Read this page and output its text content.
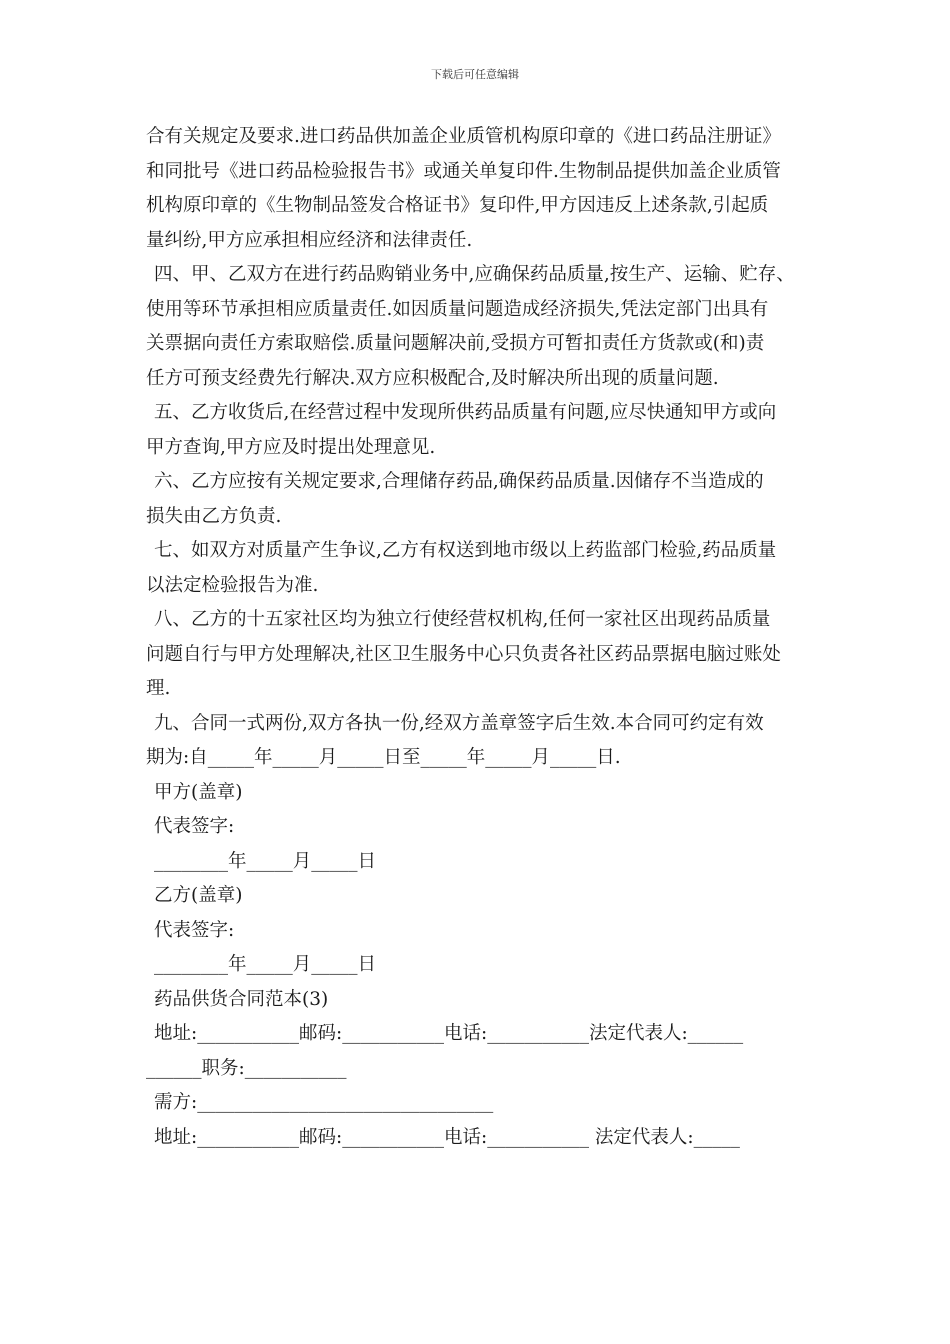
下载后可任意编辑
合有关规定及要求.进口药品供加盖企业质管机构原印章的《进口药品注册证》
和同批号《进口药品检验报告书》或通关单复印件.生物制品提供加盖企业质管
机构原印章的《生物制品签发合格证书》复印件,甲方因违反上述条款,引起质
量纠纷,甲方应承担相应经济和法律责任.
四、甲、乙双方在进行药品购销业务中,应确保药品质量,按生产、运输、贮存、
使用等环节承担相应质量责任.如因质量问题造成经济损失,凭法定部门出具有
关票据向责任方索取赔偿.质量问题解决前,受损方可暂扣责任方货款或(和)责
任方可预支经费先行解决.双方应积极配合,及时解决所出现的质量问题.
五、乙方收货后,在经营过程中发现所供药品质量有问题,应尽快通知甲方或向
甲方查询,甲方应及时提出处理意见.
六、乙方应按有关规定要求,合理储存药品,确保药品质量.因储存不当造成的
损失由乙方负责.
七、如双方对质量产生争议,乙方有权送到地市级以上药监部门检验,药品质量
以法定检验报告为准.
八、乙方的十五家社区均为独立行使经营权机构,任何一家社区出现药品质量
问题自行与甲方处理解决,社区卫生服务中心只负责各社区药品票据电脑过账处
理.
九、合同一式两份,双方各执一份,经双方盖章签字后生效.本合同可约定有效
期为:自_____年_____月_____日至_____年_____月_____日.
甲方(盖章)
代表签字:
________年_____月_____日
乙方(盖章)
代表签字:
________年_____月_____日
药品供货合同范本(3)
地址:___________邮码:___________电话:___________法定代表人:______
______职务:___________
需方:________________________________
地址:___________邮码:___________电话:___________ 法定代表人:_____
